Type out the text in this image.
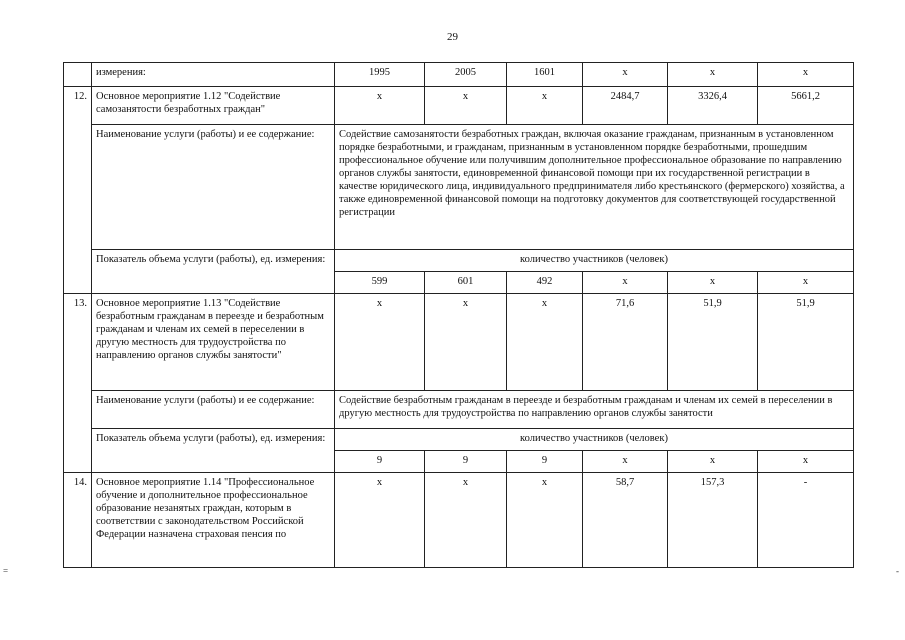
29
=	-
	измерения:	1995	2005	1601	x	x	x
12.	Основное мероприятие 1.12 "Содействие самозанятости безработных граждан"	x	x	x	2484,7	3326,4	5661,2
	Наименование услуги (работы) и ее содержание:	Содействие самозанятости безработных граждан, включая оказание гражданам, признанным в установленном порядке безработными, и гражданам, признанным в установленном порядке безработными, прошедшим профессиональное обучение или получившим дополнительное профессиональное образование по направлению органов службы занятости, единовременной финансовой помощи при их государственной регистрации в качестве юридического лица, индивидуального предпринимателя либо крестьянского (фермерского) хозяйства, а также единовременной финансовой помощи на подготовку документов для соответствующей государственной регистрации					
	Показатель объема услуги (работы), ед. измерения:	количество участников (человек)					
		599	601	492	x	x	x
13.	Основное мероприятие 1.13 "Содействие безработным гражданам в переезде и безработным гражданам и членам их семей в переселении в другую местность для трудоустройства по направлению органов службы занятости"	x	x	x	71,6	51,9	51,9
	Наименование услуги (работы) и ее содержание:	Содействие безработным гражданам в переезде и безработным гражданам и членам их семей в переселении в другую местность для трудоустройства по направлению органов службы занятости					
	Показатель объема услуги (работы), ед. измерения:	количество участников (человек)					
		9	9	9	x	x	x
14.	Основное мероприятие 1.14 "Профессиональное обучение и дополнительное профессиональное образование незанятых граждан, которым в соответствии с законодательством Российской Федерации назначена страховая пенсия по	x	x	x	58,7	157,3	-
